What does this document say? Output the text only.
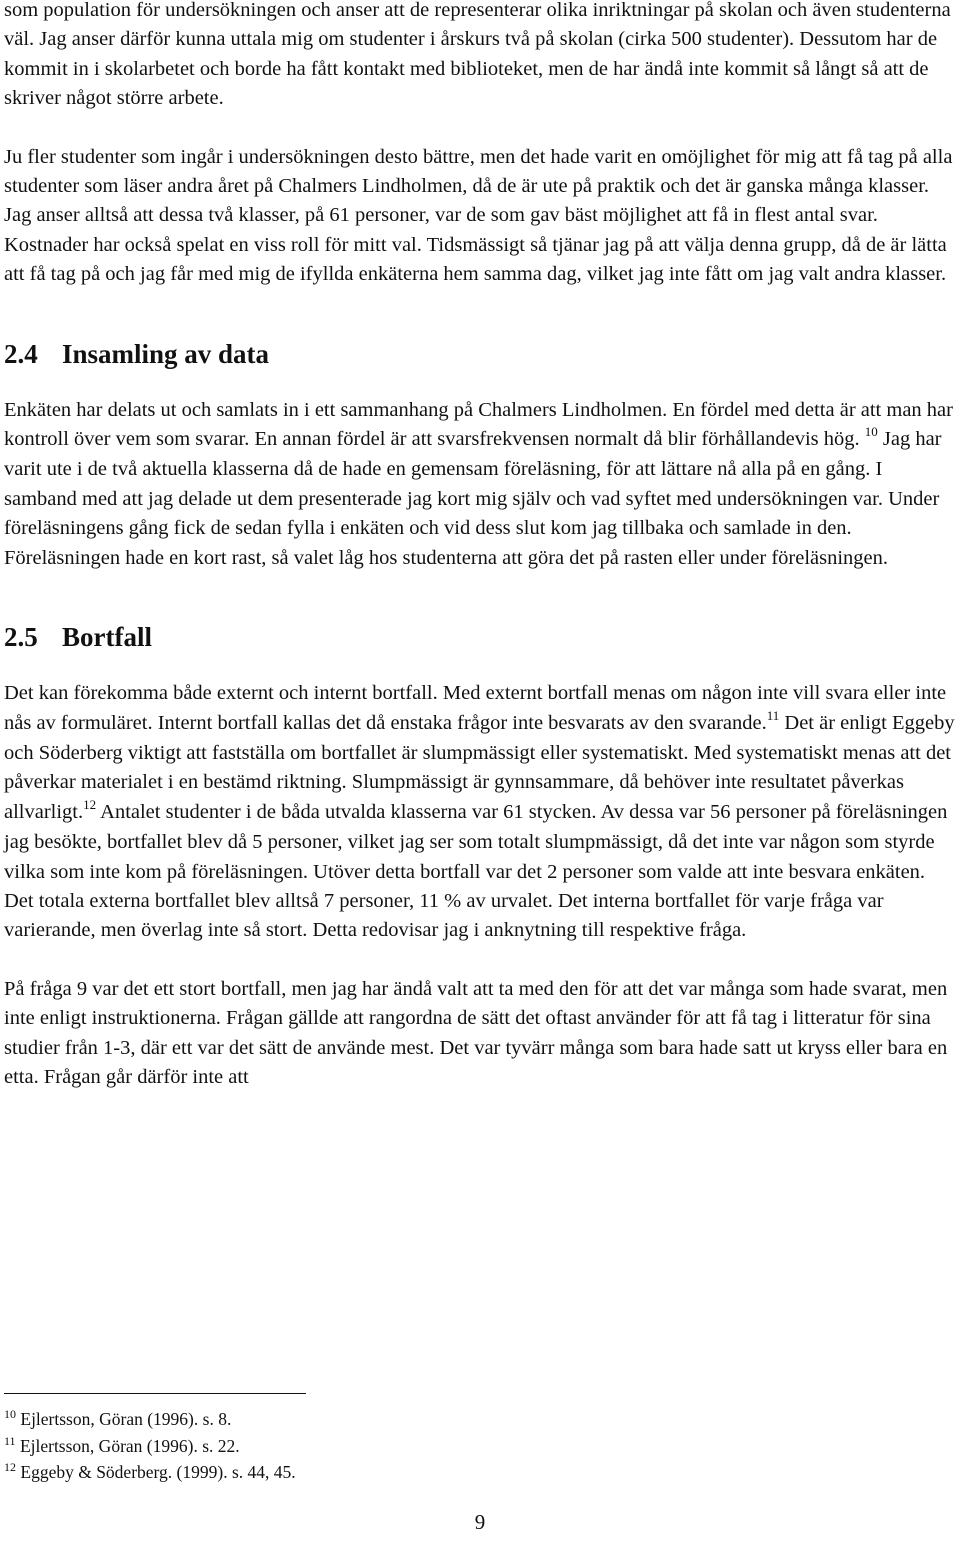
som population för undersökningen och anser att de representerar olika inriktningar på skolan och även studenterna väl. Jag anser därför kunna uttala mig om studenter i årskurs två på skolan (cirka 500 studenter). Dessutom har de kommit in i skolarbetet och borde ha fått kontakt med biblioteket, men de har ändå inte kommit så långt så att de skriver något större arbete.

Ju fler studenter som ingår i undersökningen desto bättre, men det hade varit en omöjlighet för mig att få tag på alla studenter som läser andra året på Chalmers Lindholmen, då de är ute på praktik och det är ganska många klasser. Jag anser alltså att dessa två klasser, på 61 personer, var de som gav bäst möjlighet att få in flest antal svar. Kostnader har också spelat en viss roll för mitt val. Tidsmässigt så tjänar jag på att välja denna grupp, då de är lätta att få tag på och jag får med mig de ifyllda enkäterna hem samma dag, vilket jag inte fått om jag valt andra klasser.

2.4 Insamling av data

Enkäten har delats ut och samlats in i ett sammanhang på Chalmers Lindholmen. En fördel med detta är att man har kontroll över vem som svarar. En annan fördel är att svarsfrekvensen normalt då blir förhållandevis hög. $^{10}$ Jag har varit ute i de två aktuella klasserna då de hade en gemensam föreläsning, för att lättare nå alla på en gång. I samband med att jag delade ut dem presenterade jag kort mig själv och vad syftet med undersökningen var. Under föreläsningens gång fick de sedan fylla i enkäten och vid dess slut kom jag tillbaka och samlade in den. Föreläsningen hade en kort rast, så valet låg hos studenterna att göra det på rasten eller under föreläsningen.

2.5 Bortfall

Det kan förekomma både externt och internt bortfall. Med externt bortfall menas om någon inte vill svara eller inte nås av formuläret. Internt bortfall kallas det då enstaka frågor inte besvarats av den svarande.$^{11}$ Det är enligt Eggeby och Söderberg viktigt att fastställa om bortfallet är slumpmässigt eller systematiskt. Med systematiskt menas att det påverkar materialet i en bestämd riktning. Slumpmässigt är gynnsammare, då behöver inte resultatet påverkas allvarligt.$^{12}$ Antalet studenter i de båda utvalda klasserna var 61 stycken. Av dessa var 56 personer på föreläsningen jag besökte, bortfallet blev då 5 personer, vilket jag ser som totalt slumpmässigt, då det inte var någon som styrde vilka som inte kom på föreläsningen. Utöver detta bortfall var det 2 personer som valde att inte besvara enkäten. Det totala externa bortfallet blev alltså 7 personer, 11 % av urvalet. Det interna bortfallet för varje fråga var varierande, men överlag inte så stort. Detta redovisar jag i anknytning till respektive fråga.

På fråga 9 var det ett stort bortfall, men jag har ändå valt att ta med den för att det var många som hade svarat, men inte enligt instruktionerna. Frågan gällde att rangordna de sätt det oftast använder för att få tag i litteratur för sina studier från 1-3, där ett var det sätt de använde mest. Det var tyvärr många som bara hade satt ut kryss eller bara en etta. Frågan går därför inte att

$^{10}$ Ejlertsson, Göran (1996). s. 8.
$^{11}$ Ejlertsson, Göran (1996). s. 22.
$^{12}$ Eggeby & Söderberg. (1999). s. 44, 45.
9
